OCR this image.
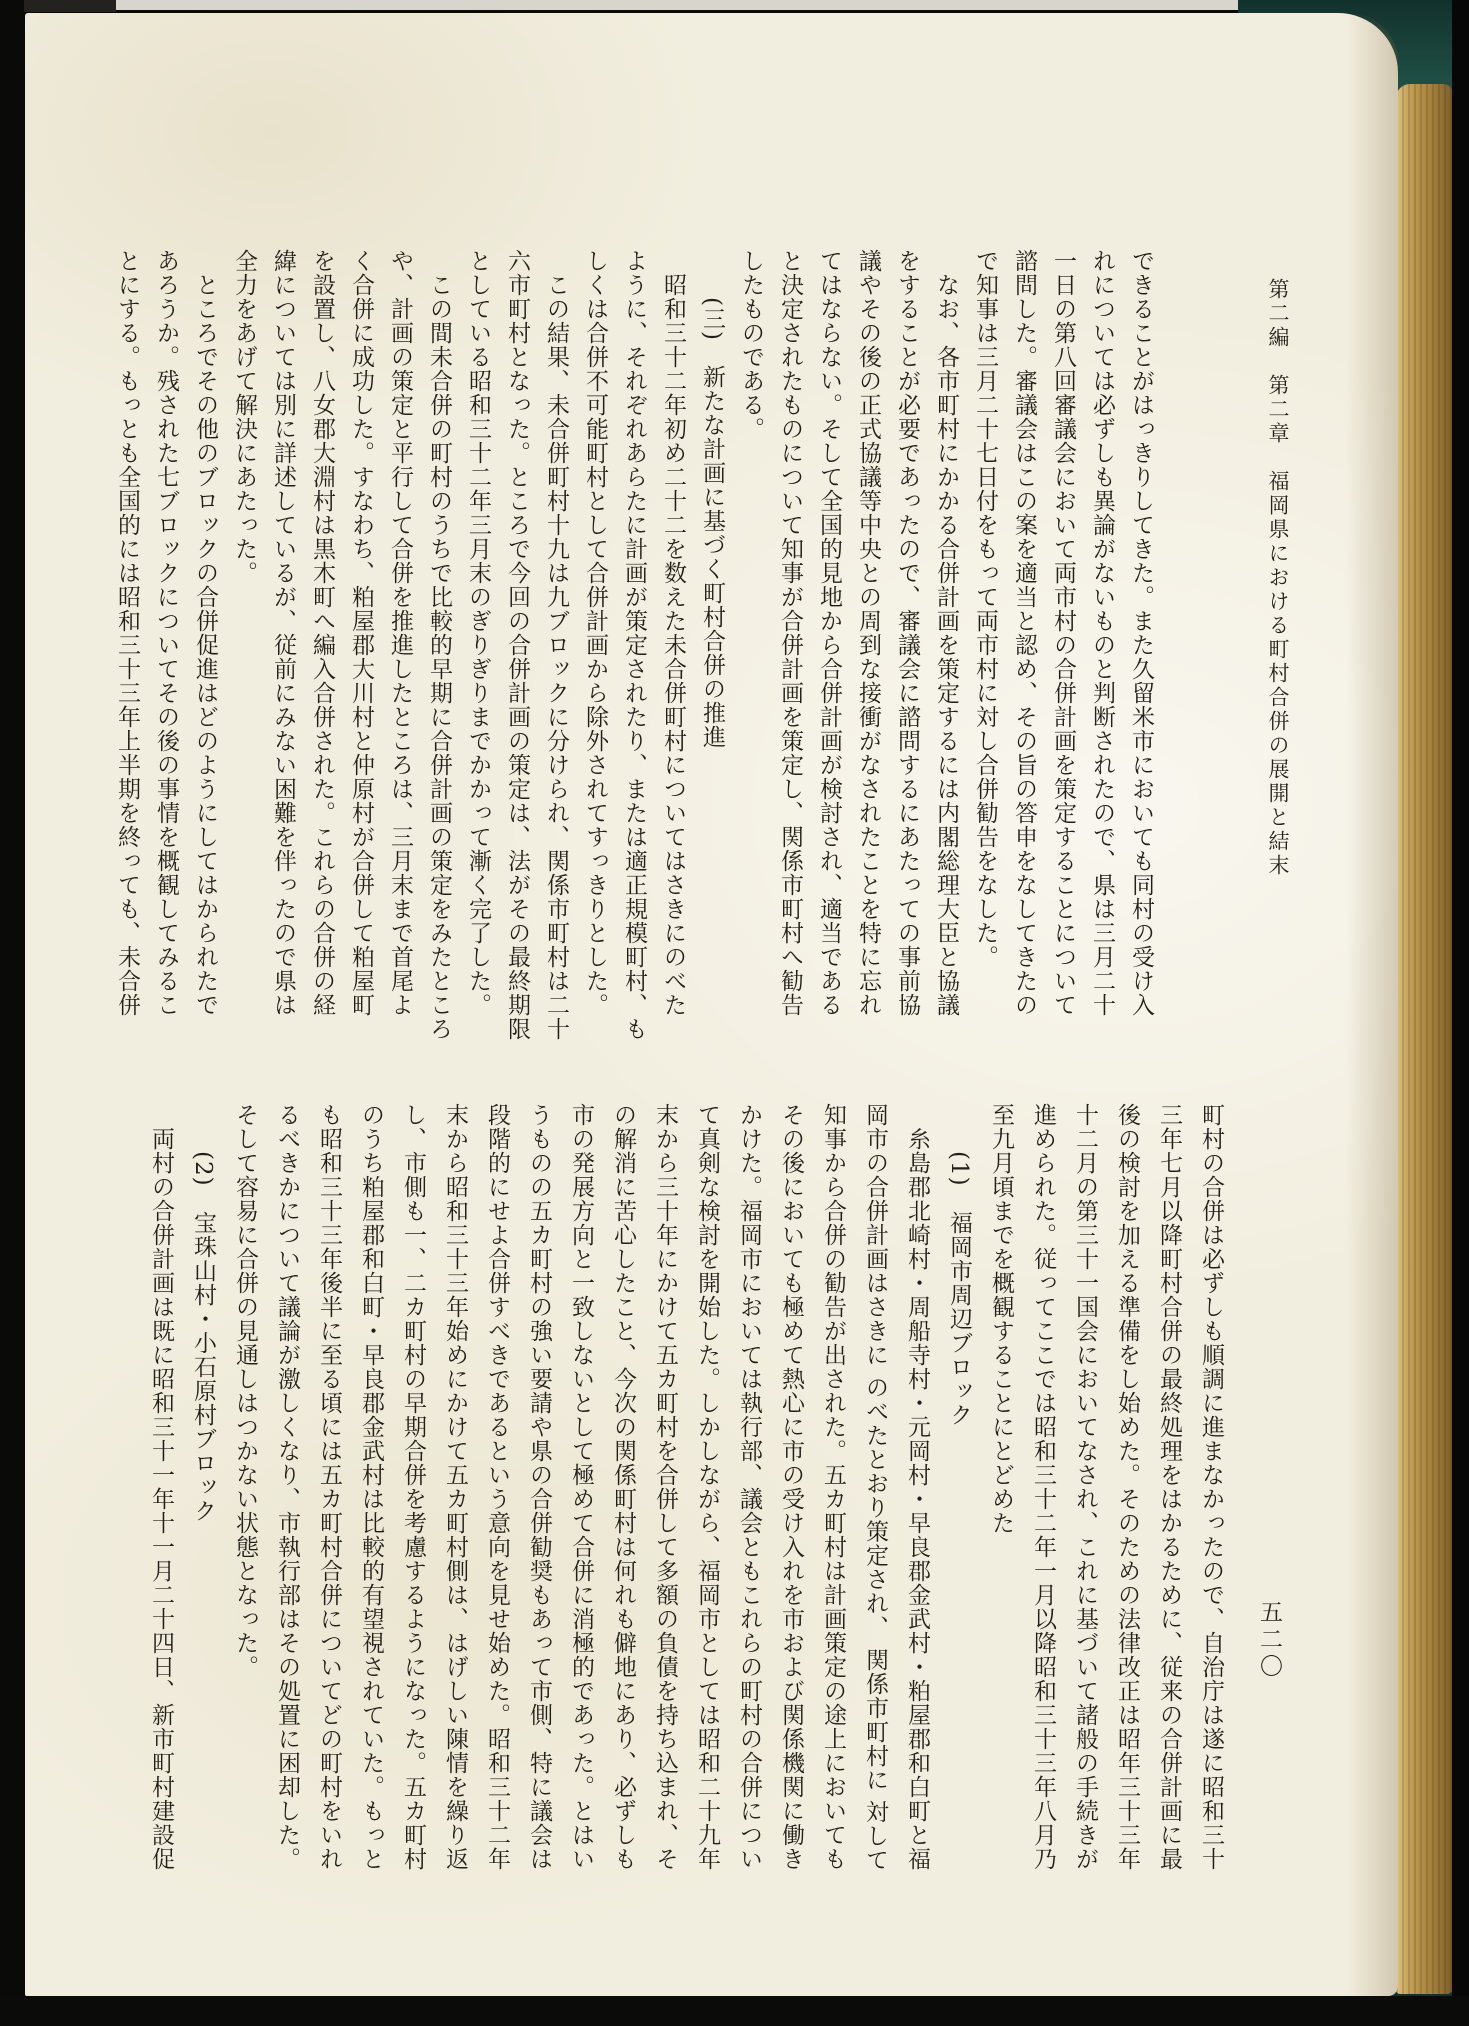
第二編　第二章　福岡県における町村合併の展開と結末
できることがはっきりしてきた。また久留米市においても同村の受け入
れについては必ずしも異論がないものと判断されたので、県は三月二十
一日の第八回審議会において両市村の合併計画を策定することについて
諮問した。審議会はこの案を適当と認め、その旨の答申をなしてきたの
で知事は三月二十七日付をもって両市村に対し合併勧告をなした。
なお、各市町村にかかる合併計画を策定するには内閣総理大臣と協議
をすることが必要であったので、審議会に諮問するにあたっての事前協
議やその後の正式協議等中央との周到な接衝がなされたことを特に忘れ
てはならない。そして全国的見地から合併計画が検討され、適当である
と決定されたものについて知事が合併計画を策定し、関係市町村へ勧告
したものである。
(三)　新たな計画に基づく町村合併の推進
昭和三十二年初め二十二を数えた未合併町村についてはさきにのべた
ように、それぞれあらたに計画が策定されたり、または適正規模町村、も
しくは合併不可能町村として合併計画から除外されてすっきりとした。
この結果、未合併町村十九は九ブロックに分けられ、関係市町村は二十
六市町村となった。ところで今回の合併計画の策定は、法がその最終期限
としている昭和三十二年三月末のぎりぎりまでかかって漸く完了した。
この間未合併の町村のうちで比較的早期に合併計画の策定をみたところ
や、計画の策定と平行して合併を推進したところは、三月末まで首尾よ
く合併に成功した。すなわち、粕屋郡大川村と仲原村が合併して粕屋町
を設置し、八女郡大淵村は黒木町へ編入合併された。これらの合併の経
緯については別に詳述しているが、従前にみない困難を伴ったので県は
全力をあげて解決にあたった。
ところでその他のブロックの合併促進はどのようにしてはかられたで
あろうか。残された七ブロックについてその後の事情を概観してみるこ
とにする。もっとも全国的には昭和三十三年上半期を終っても、未合併
町村の合併は必ずしも順調に進まなかったので、自治庁は遂に昭和三十
三年七月以降町村合併の最終処理をはかるために、従来の合併計画に最
後の検討を加える準備をし始めた。そのための法律改正は昭年三十三年
十二月の第三十一国会においてなされ、これに基づいて諸般の手続きが
進められた。従ってここでは昭和三十二年一月以降昭和三十三年八月乃
至九月頃までを概観することにとどめた
(1)　福岡市周辺ブロック
糸島郡北崎村・周船寺村・元岡村・早良郡金武村・粕屋郡和白町と福
岡市の合併計画はさきに のべたとおり策定され、 関係市町村に 対して
知事から合併の勧告が出された。五カ町村は計画策定の途上においても
その後においても極めて熱心に市の受け入れを市および関係機関に働き
かけた。福岡市においては執行部、議会ともこれらの町村の合併につい
て真剣な検討を開始した。しかしながら、福岡市としては昭和二十九年
末から三十年にかけて五カ町村を合併して多額の負債を持ち込まれ、そ
の解消に苦心したこと、今次の関係町村は何れも僻地にあり、必ずしも
市の発展方向と一致しないとして極めて合併に消極的であった。とはい
うものの五カ町村の強い要請や県の合併勧奨もあって市側、特に議会は
段階的にせよ合併すべきであるという意向を見せ始めた。昭和三十二年
末から昭和三十三年始めにかけて五カ町村側は、はげしい陳情を繰り返
し、市側も一、二カ町村の早期合併を考慮するようになった。五カ町村
のうち粕屋郡和白町・早良郡金武村は比較的有望視されていた。もっと
も昭和三十三年後半に至る頃には五カ町村合併についてどの町村をいれ
るべきかについて議論が激しくなり、市執行部はその処置に困却した。
そして容易に合併の見通しはつかない状態となった。
(2)　宝珠山村・小石原村ブロック
両村の合併計画は既に昭和三十一年十一月二十四日、新市町村建設促	五二〇
